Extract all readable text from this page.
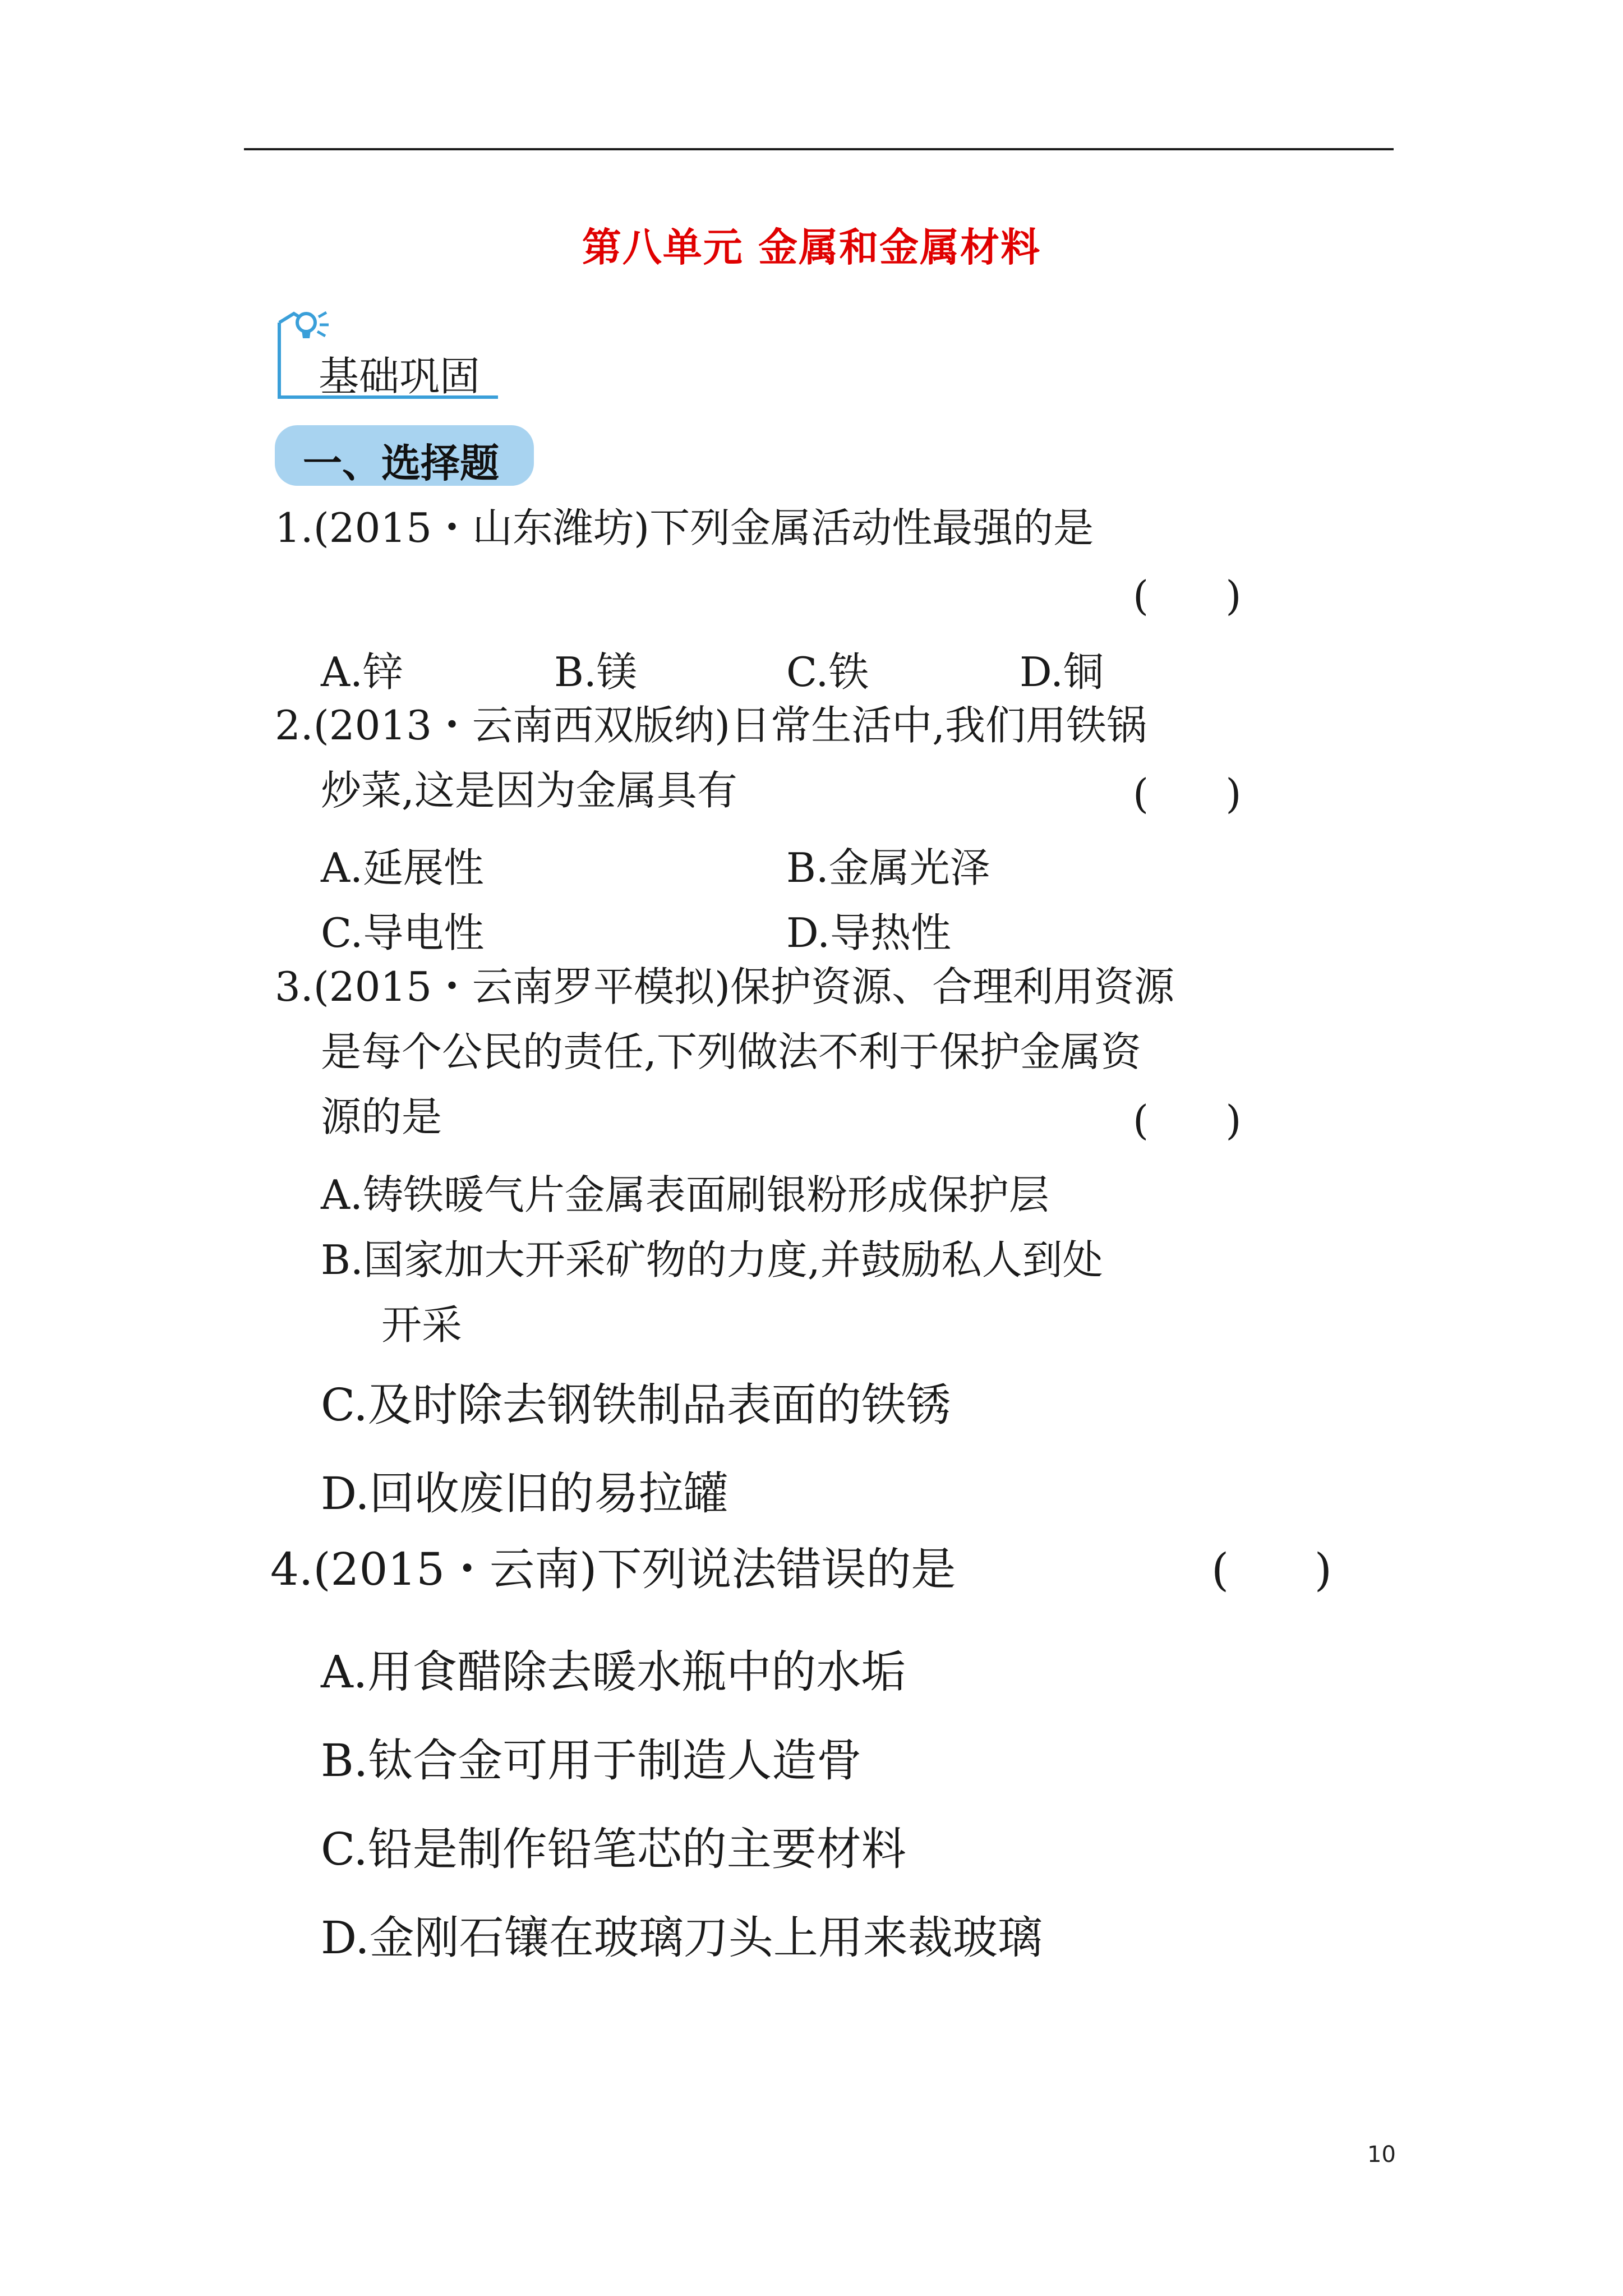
第八单元 金属和金属材料
基础巩固
一、选择题
1.(2015・山东潍坊)下列金属活动性最强的是
(      )
A.锌	B.镁	C.铁	D.铜
2.(2013・云南西双版纳)日常生活中,我们用铁锅
炒菜,这是因为金属具有	(      )
A.延展性	B.金属光泽
C.导电性	D.导热性
3.(2015・云南罗平模拟)保护资源、合理利用资源
是每个公民的责任,下列做法不利于保护金属资
源的是	(      )
A.铸铁暖气片金属表面刷银粉形成保护层
B.国家加大开采矿物的力度,并鼓励私人到处
开采
C.及时除去钢铁制品表面的铁锈
D.回收废旧的易拉罐
4.(2015・云南)下列说法错误的是	(      )
A.用食醋除去暖水瓶中的水垢
B.钛合金可用于制造人造骨
C.铅是制作铅笔芯的主要材料
D.金刚石镶在玻璃刀头上用来裁玻璃
10
